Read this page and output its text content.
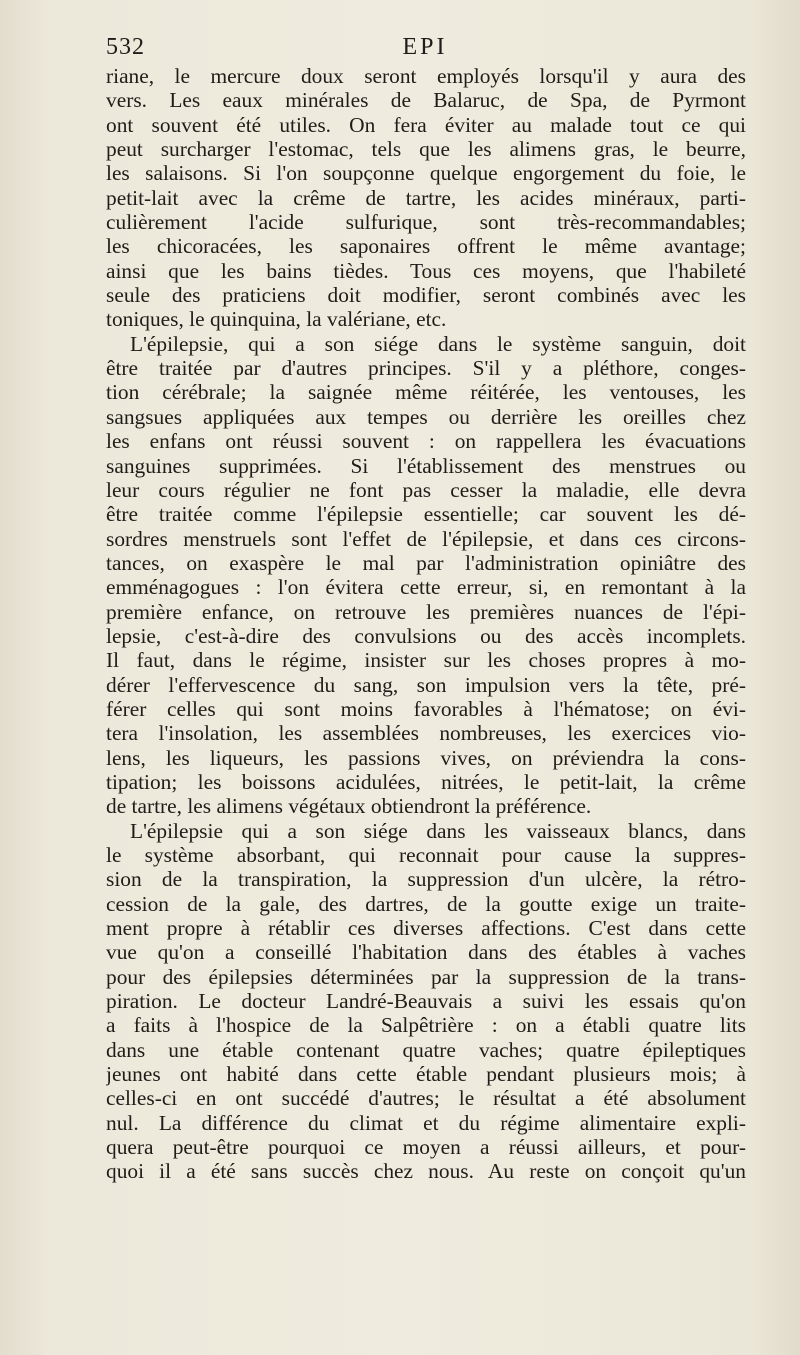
532	EPI
riane, le mercure doux seront employés lorsqu'il y aura des
vers. Les eaux minérales de Balaruc, de Spa, de Pyrmont
ont souvent été utiles. On fera éviter au malade tout ce qui
peut surcharger l'estomac, tels que les alimens gras, le beurre,
les salaisons. Si l'on soupçonne quelque engorgement du foie, le
petit-lait avec la crême de tartre, les acides minéraux, parti-
culièrement l'acide sulfurique, sont très-recommandables;
les chicoracées, les saponaires offrent le même avantage;
ainsi que les bains tièdes. Tous ces moyens, que l'habileté
seule des praticiens doit modifier, seront combinés avec les
toniques, le quinquina, la valériane, etc.
L'épilepsie, qui a son siége dans le système sanguin, doit
être traitée par d'autres principes. S'il y a pléthore, conges-
tion cérébrale; la saignée même réitérée, les ventouses, les
sangsues appliquées aux tempes ou derrière les oreilles chez
les enfans ont réussi souvent : on rappellera les évacuations
sanguines supprimées. Si l'établissement des menstrues ou
leur cours régulier ne font pas cesser la maladie, elle devra
être traitée comme l'épilepsie essentielle; car souvent les dé-
sordres menstruels sont l'effet de l'épilepsie, et dans ces circons-
tances, on exaspère le mal par l'administration opiniâtre des
emménagogues : l'on évitera cette erreur, si, en remontant à la
première enfance, on retrouve les premières nuances de l'épi-
lepsie, c'est-à-dire des convulsions ou des accès incomplets.
Il faut, dans le régime, insister sur les choses propres à mo-
dérer l'effervescence du sang, son impulsion vers la tête, pré-
férer celles qui sont moins favorables à l'hématose; on évi-
tera l'insolation, les assemblées nombreuses, les exercices vio-
lens, les liqueurs, les passions vives, on préviendra la cons-
tipation; les boissons acidulées, nitrées, le petit-lait, la crême
de tartre, les alimens végétaux obtiendront la préférence.
L'épilepsie qui a son siége dans les vaisseaux blancs, dans
le système absorbant, qui reconnait pour cause la suppres-
sion de la transpiration, la suppression d'un ulcère, la rétro-
cession de la gale, des dartres, de la goutte exige un traite-
ment propre à rétablir ces diverses affections. C'est dans cette
vue qu'on a conseillé l'habitation dans des étables à vaches
pour des épilepsies déterminées par la suppression de la trans-
piration. Le docteur Landré-Beauvais a suivi les essais qu'on
a faits à l'hospice de la Salpêtrière : on a établi quatre lits
dans une étable contenant quatre vaches; quatre épileptiques
jeunes ont habité dans cette étable pendant plusieurs mois; à
celles-ci en ont succédé d'autres; le résultat a été absolument
nul. La différence du climat et du régime alimentaire expli-
quera peut-être pourquoi ce moyen a réussi ailleurs, et pour-
quoi il a été sans succès chez nous. Au reste on conçoit qu'un
